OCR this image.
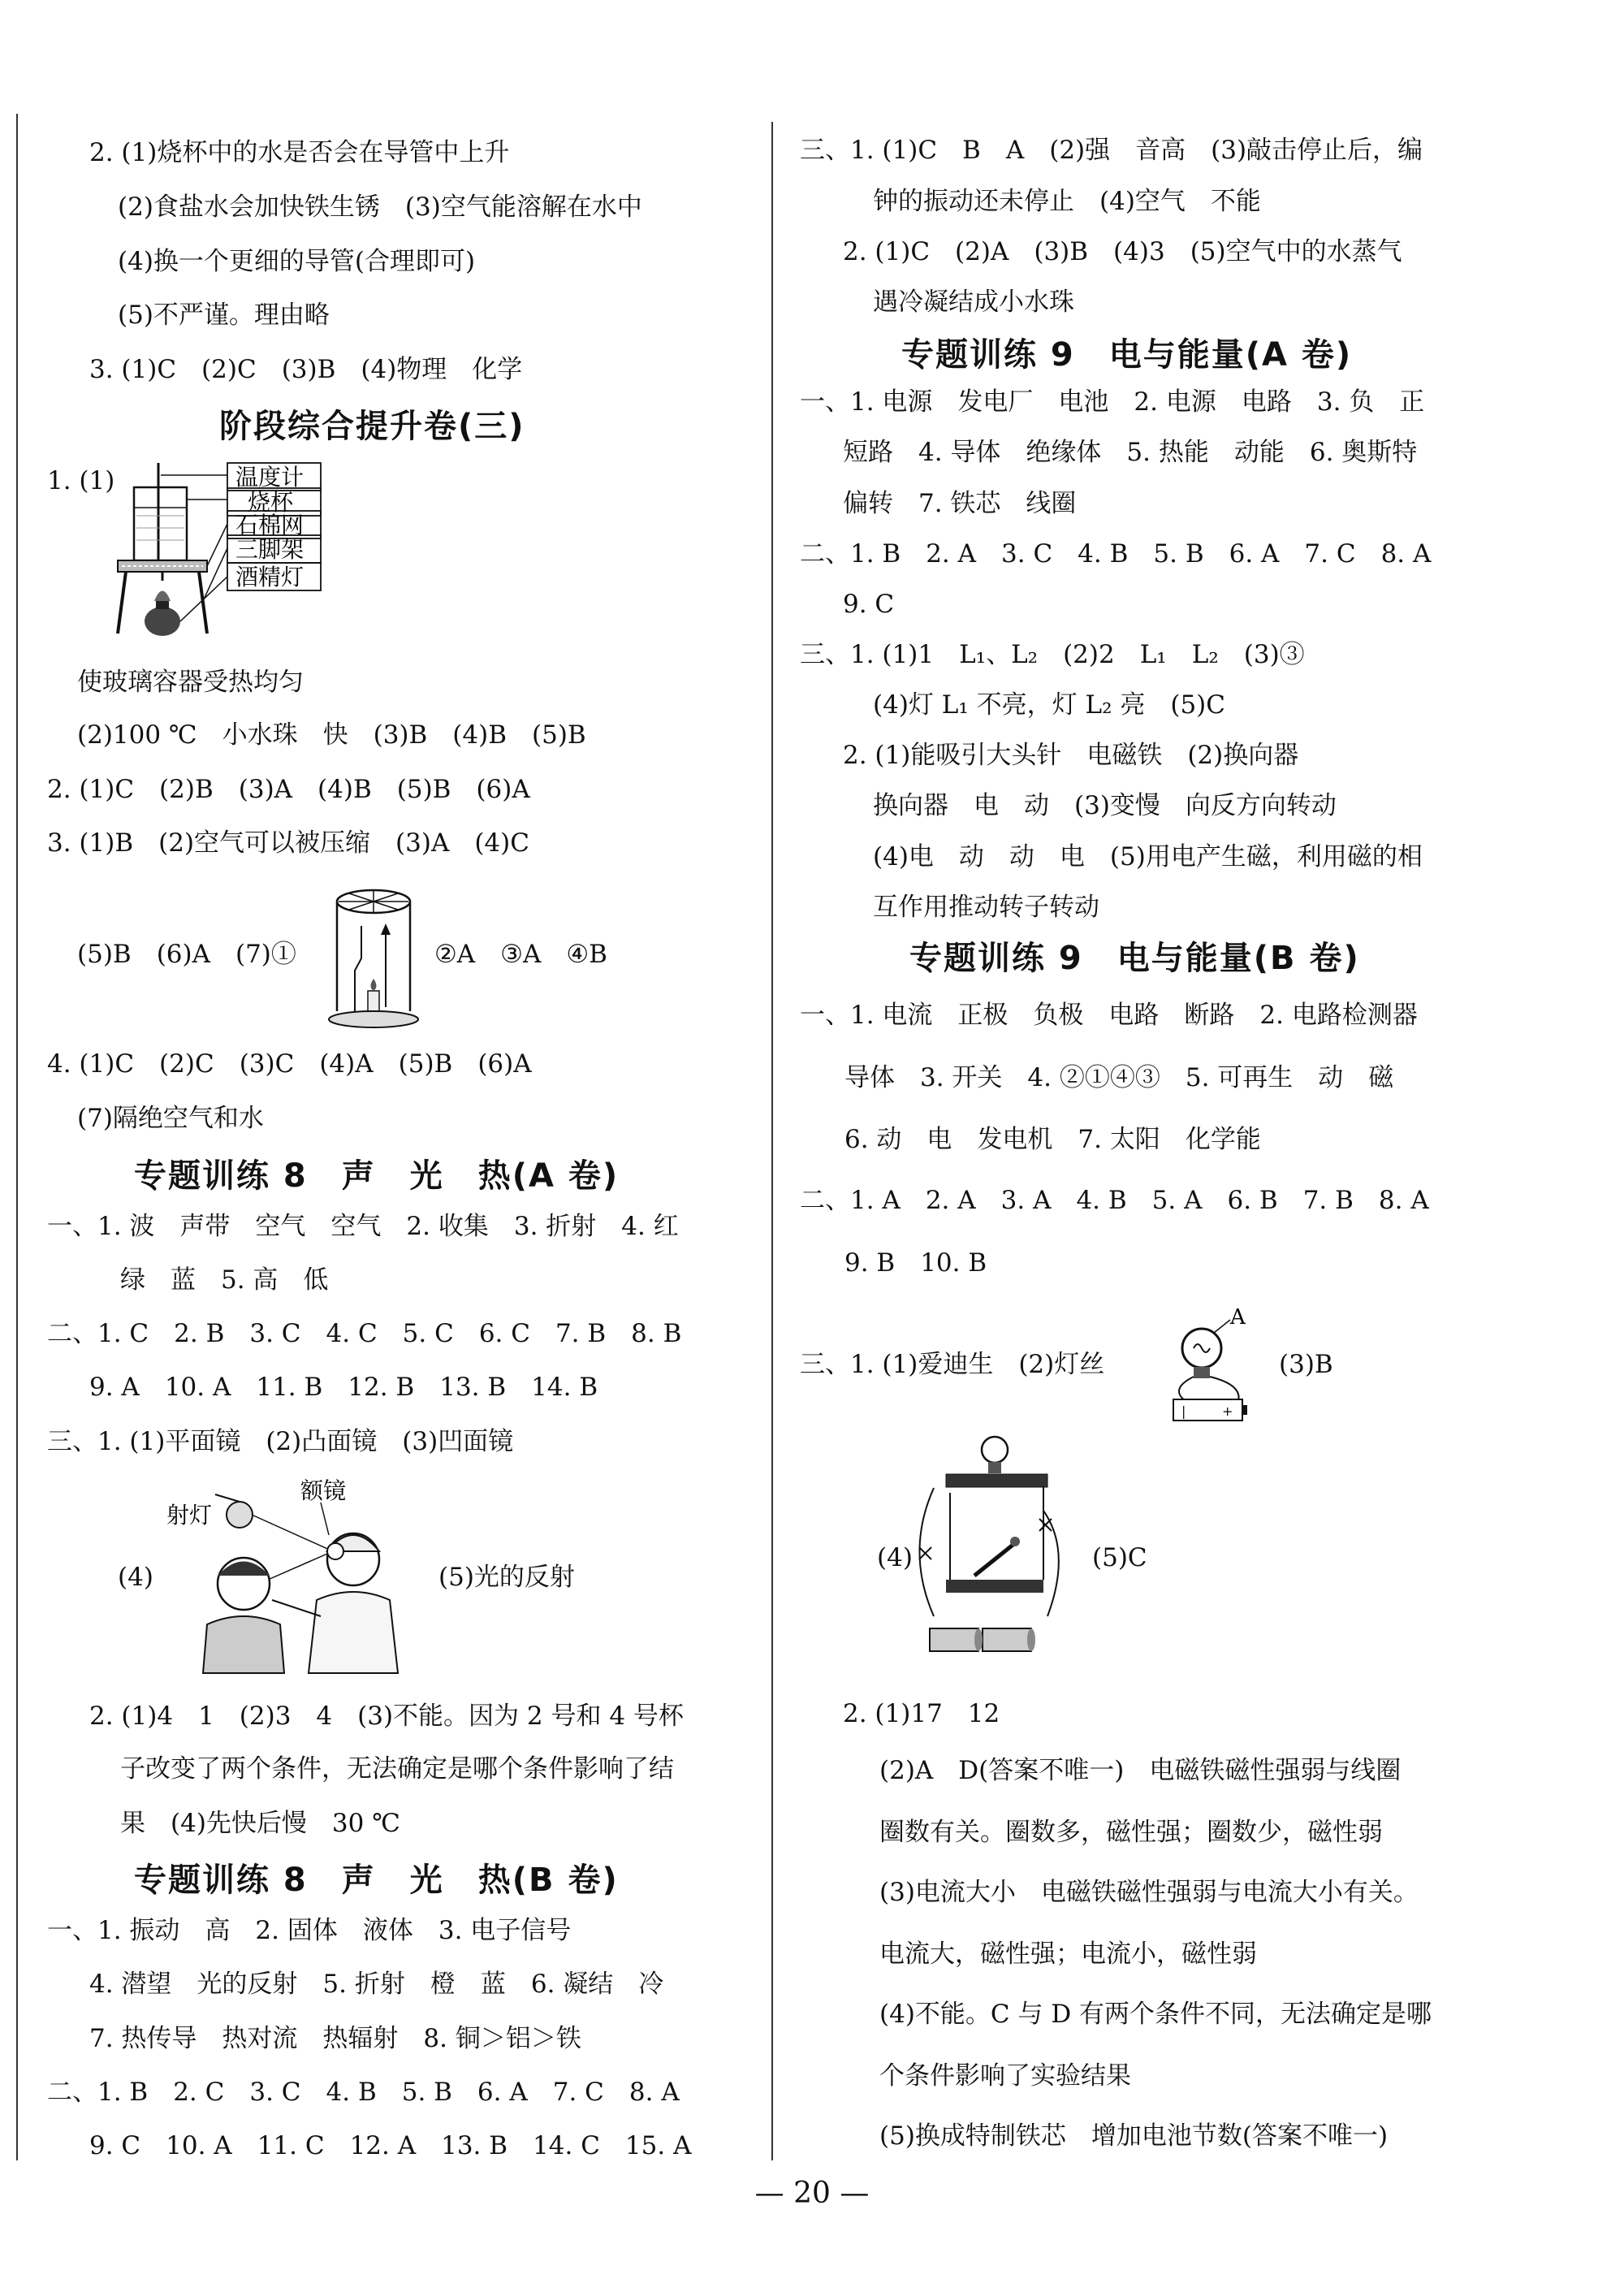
2. (1)烧杯中的水是否会在导管中上升
(2)食盐水会加快铁生锈　(3)空气能溶解在水中
(4)换一个更细的导管(合理即可)
(5)不严谨。理由略
3. (1)C　(2)C　(3)B　(4)物理　化学
阶段综合提升卷(三)
1. (1)	温度计
烧杯
石棉网
三脚架
酒精灯
使玻璃容器受热均匀
(2)100 ℃　小水珠　快　(3)B　(4)B　(5)B
2. (1)C　(2)B　(3)A　(4)B　(5)B　(6)A
3. (1)B　(2)空气可以被压缩　(3)A　(4)C
(5)B　(6)A　(7)①	②A　③A　④B
4. (1)C　(2)C　(3)C　(4)A　(5)B　(6)A
(7)隔绝空气和水
专题训练 8　声　光　热(A 卷)
一、1. 波　声带　空气　空气　2. 收集　3. 折射　4. 红
绿　蓝　5. 高　低
二、1. C　2. B　3. C　4. C　5. C　6. C　7. B　8. B
9. A　10. A　11. B　12. B　13. B　14. B
三、1. (1)平面镜　(2)凸面镜　(3)凹面镜
(4)
射灯
额镜
(5)光的反射
2. (1)4　1　(2)3　4　(3)不能。因为 2 号和 4 号杯
子改变了两个条件，无法确定是哪个条件影响了结
果　(4)先快后慢　30 ℃
专题训练 8　声　光　热(B 卷)
一、1. 振动　高　2. 固体　液体　3. 电子信号
4. 潜望　光的反射　5. 折射　橙　蓝　6. 凝结　冷
7. 热传导　热对流　热辐射　8. 铜＞铝＞铁
二、1. B　2. C　3. C　4. B　5. B　6. A　7. C　8. A
9. C　10. A　11. C　12. A　13. B　14. C　15. A
三、1. (1)C　B　A　(2)强　音高　(3)敲击停止后，编
钟的振动还未停止　(4)空气　不能
2. (1)C　(2)A　(3)B　(4)3　(5)空气中的水蒸气
遇冷凝结成小水珠
专题训练 9　电与能量(A 卷)
一、1. 电源　发电厂　电池　2. 电源　电路　3. 负　正
短路　4. 导体　绝缘体　5. 热能　动能　6. 奥斯特
偏转　7. 铁芯　线圈
二、1. B　2. A　3. C　4. B　5. B　6. A　7. C　8. A
9. C
三、1. (1)1　L₁、L₂　(2)2　L₁　L₂　(3)③
(4)灯 L₁ 不亮，灯 L₂ 亮　(5)C
2. (1)能吸引大头针　电磁铁　(2)换向器
换向器　电　动　(3)变慢　向反方向转动
(4)电　动　动　电　(5)用电产生磁，利用磁的相
互作用推动转子转动
专题训练 9　电与能量(B 卷)
一、1. 电流　正极　负极　电路　断路　2. 电路检测器
导体　3. 开关　4. ②①④③　5. 可再生　动　磁
6. 动　电　发电机　7. 太阳　化学能
二、1. A　2. A　3. A　4. B　5. A　6. B　7. B　8. A
9. B　10. B
三、1. (1)爱迪生　(2)灯丝
A
|	+
(3)B
(4)	(5)C
2. (1)17　12
(2)A　D(答案不唯一)　电磁铁磁性强弱与线圈
圈数有关。圈数多，磁性强；圈数少，磁性弱
(3)电流大小　电磁铁磁性强弱与电流大小有关。
电流大，磁性强；电流小，磁性弱
(4)不能。C 与 D 有两个条件不同，无法确定是哪
个条件影响了实验结果
(5)换成特制铁芯　增加电池节数(答案不唯一)
— 20 —
